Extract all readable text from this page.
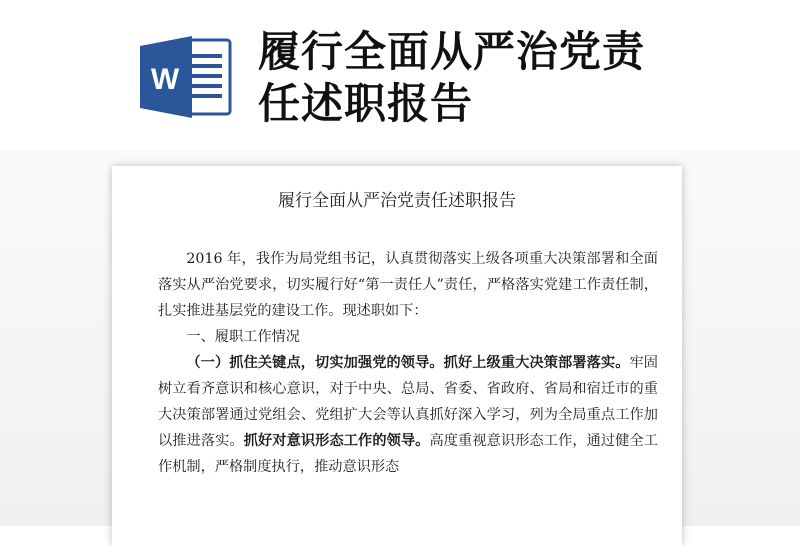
W
履行全面从严治党责
任述职报告
履行全面从严治党责任述职报告

2016 年，我作为局党组书记，认真贯彻落实上级各项重大决策部署和全面落实从严治党要求，切实履行好“第一责任人”责任，严格落实党建工作责任制，扎实推进基层党的建设工作。现述职如下：

一、履职工作情况

（一）抓住关键点，切实加强党的领导。抓好上级重大决策部署落实。牢固树立看齐意识和核心意识，对于中央、总局、省委、省政府、省局和宿迁市的重大决策部署通过党组会、党组扩大会等认真抓好深入学习，列为全局重点工作加以推进落实。抓好对意识形态工作的领导。高度重视意识形态工作，通过健全工作机制，严格制度执行，推动意识形态
